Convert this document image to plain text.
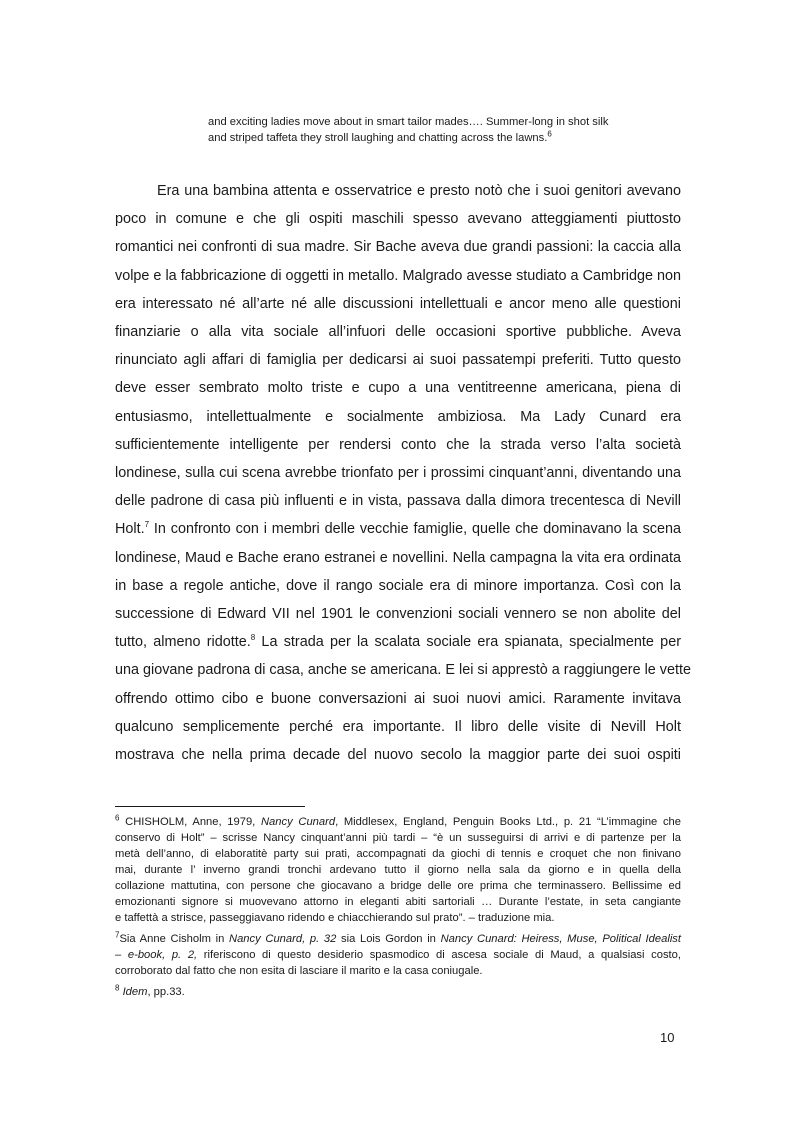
and exciting ladies move about in smart tailor mades…. Summer-long in shot silk

and striped taffeta they stroll laughing and chatting across the lawns.$^6$

Era una bambina attenta e osservatrice e presto notò che i suoi genitori avevano
poco in comune e che gli ospiti maschili spesso avevano atteggiamenti piuttosto
romantici nei confronti di sua madre. Sir Bache aveva due grandi passioni: la caccia alla
volpe e la fabbricazione di oggetti in metallo. Malgrado avesse studiato a Cambridge non
era interessato né all’arte né alle discussioni intellettuali e ancor meno alle questioni
finanziarie o alla vita sociale all’infuori delle occasioni sportive pubbliche. Aveva
rinunciato agli affari di famiglia per dedicarsi ai suoi passatempi preferiti. Tutto questo
deve esser sembrato molto triste e cupo a una ventitreenne americana, piena di
entusiasmo, intellettualmente e socialmente ambiziosa. Ma Lady Cunard era
sufficientemente intelligente per rendersi conto che la strada verso l’alta società
londinese, sulla cui scena avrebbe trionfato per i prossimi cinquant’anni, diventando una
delle padrone di casa più influenti e in vista, passava dalla dimora trecentesca di Nevill
Holt.$^7$ In confronto con i membri delle vecchie famiglie, quelle che dominavano la scena
londinese, Maud e Bache erano estranei e novellini. Nella campagna la vita era ordinata
in base a regole antiche, dove il rango sociale era di minore importanza. Così con la
successione di Edward VII nel 1901 le convenzioni sociali vennero se non abolite del
tutto, almeno ridotte.$^8$ La strada per la scalata sociale era spianata, specialmente per
una giovane padrona di casa, anche se americana. E lei si apprestò a raggiungere le vette
offrendo ottimo cibo e buone conversazioni ai suoi nuovi amici. Raramente invitava
qualcuno semplicemente perché era importante. Il libro delle visite di Nevill Holt
mostrava che nella prima decade del nuovo secolo la maggior parte dei suoi ospiti
$^6$ CHISHOLM, Anne, 1979, Nancy Cunard, Middlesex, England, Penguin Books Ltd., p. 21 “L’immagine che
conservo di Holt” – scrisse Nancy cinquant’anni più tardi – “è un susseguirsi di arrivi e di partenze per la
metà dell’anno, di elaboratitè party sui prati, accompagnati da giochi di tennis e croquet che non finivano
mai, durante l’ inverno grandi tronchi ardevano tutto il giorno nella sala da giorno e in quella della
collazione mattutina, con persone che giocavano a bridge delle ore prima che terminassero. Bellissime ed
emozionanti signore si muovevano attorno in eleganti abiti sartoriali … Durante l’estate, in seta cangiante
e taffettà a strisce, passeggiavano ridendo e chiacchierando sul prato”. – traduzione mia.
$^7$Sia Anne Cisholm in Nancy Cunard, p. 32 sia Lois Gordon in Nancy Cunard: Heiress, Muse, Political Idealist
– e-book, p. 2, riferiscono di questo desiderio spasmodico di ascesa sociale di Maud, a qualsiasi costo,
corroborato dal fatto che non esita di lasciare il marito e la casa coniugale.
$^8$ Idem, pp.33.
10
